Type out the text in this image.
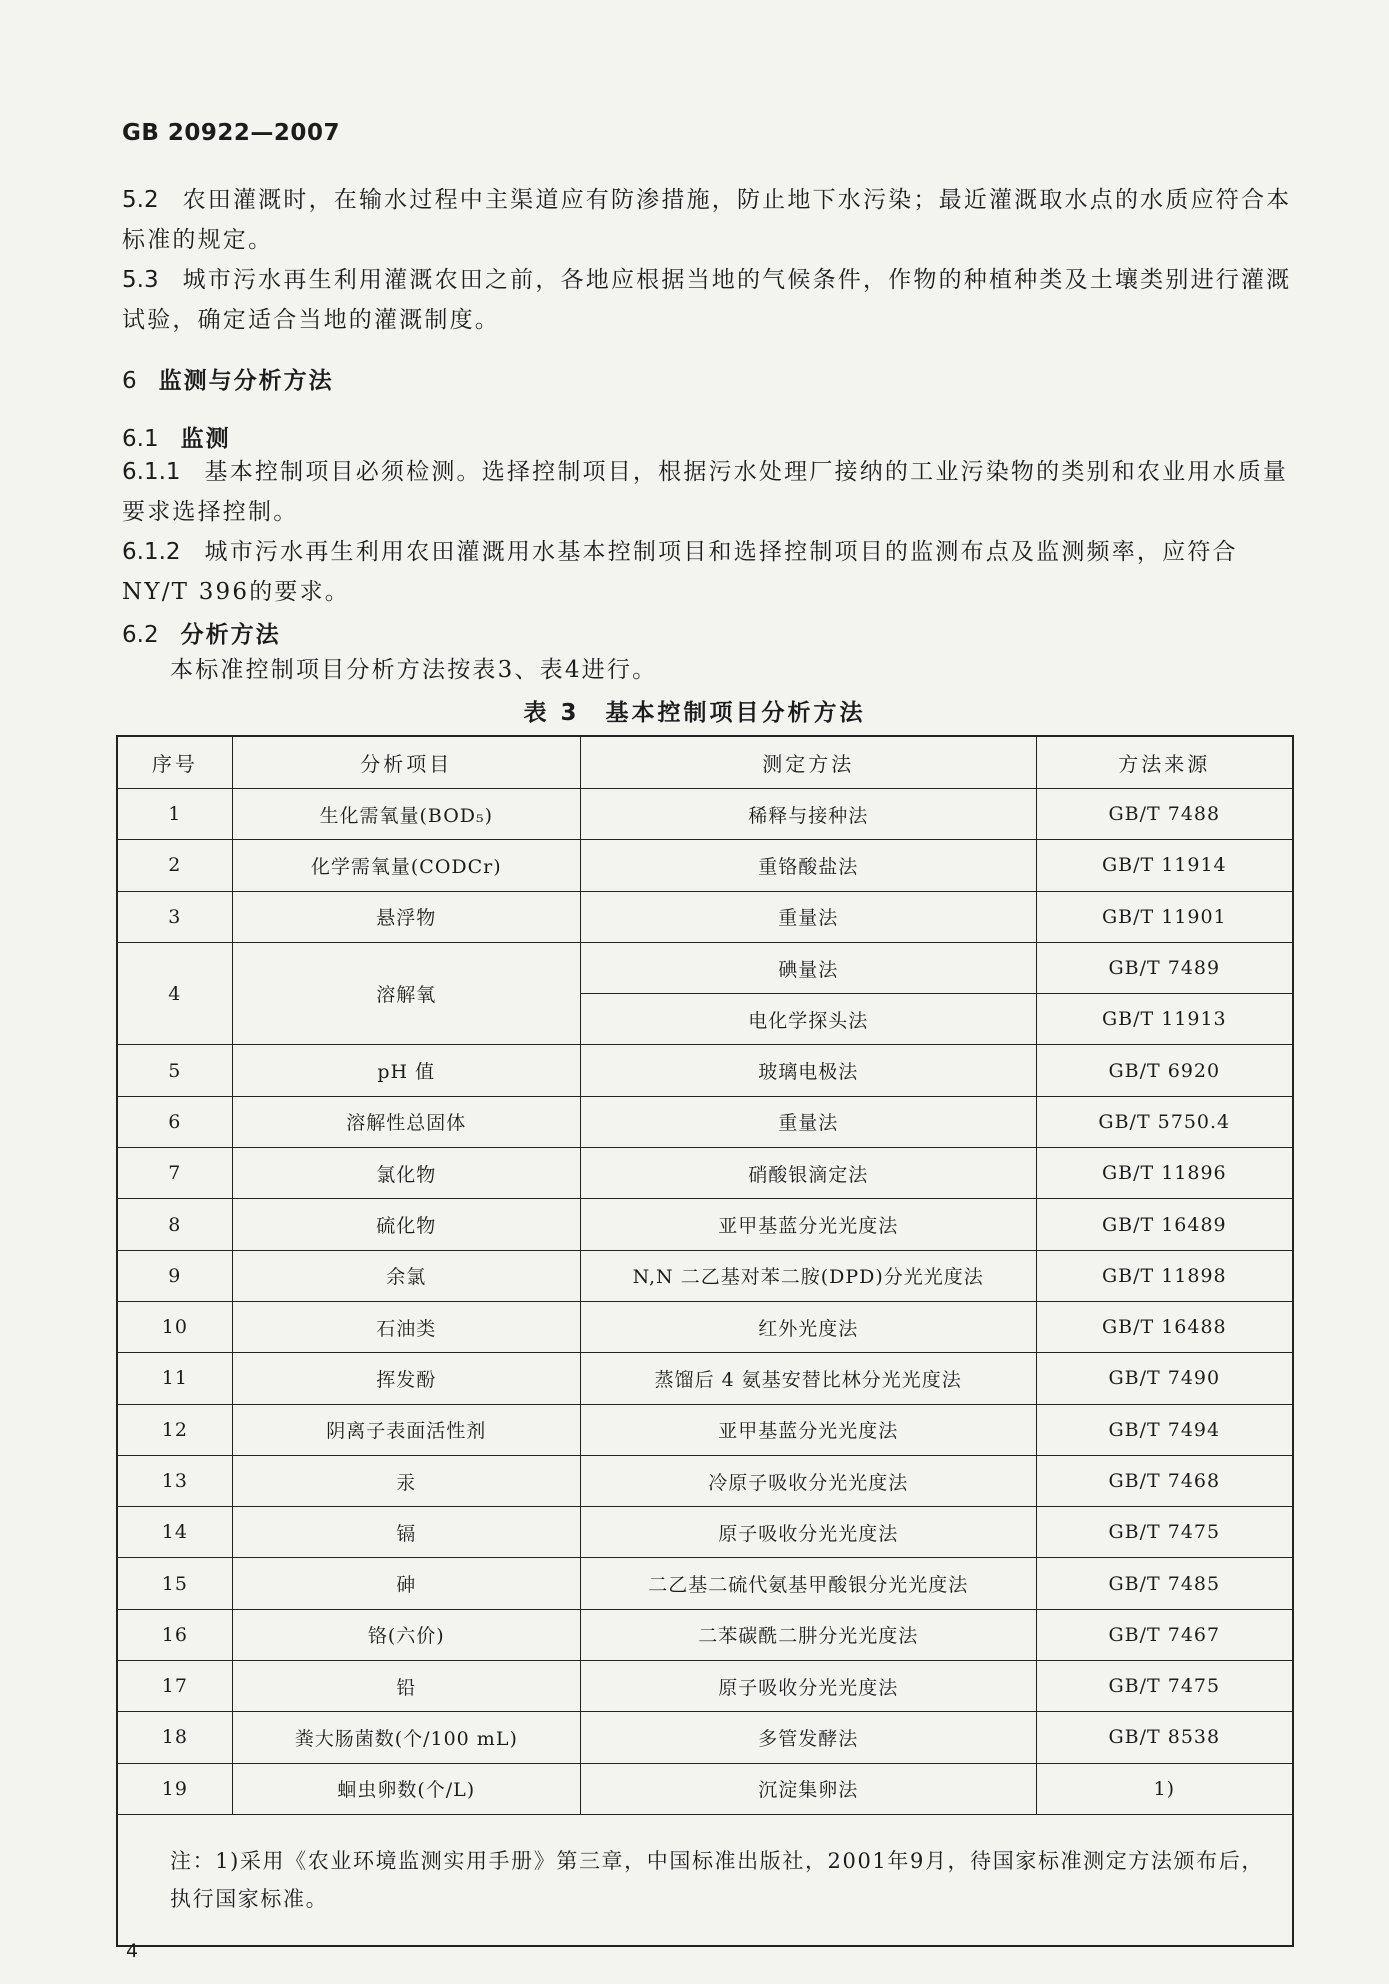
GB 20922—2007

5.2 农田灌溉时，在输水过程中主渠道应有防渗措施，防止地下水污染；最近灌溉取水点的水质应符合本标准的规定。

5.3 城市污水再生利用灌溉农田之前，各地应根据当地的气候条件，作物的种植种类及土壤类别进行灌溉试验，确定适合当地的灌溉制度。

6 监测与分析方法
6.1 监测

6.1.1 基本控制项目必须检测。选择控制项目，根据污水处理厂接纳的工业污染物的类别和农业用水质量要求选择控制。

6.1.2 城市污水再生利用农田灌溉用水基本控制项目和选择控制项目的监测布点及监测频率，应符合NY/T 396的要求。

6.2 分析方法

本标准控制项目分析方法按表3、表4进行。

表 3　基本控制项目分析方法
序号	分析项目	测定方法	方法来源
1	生化需氧量(BOD₅)	稀释与接种法	GB/T 7488
2	化学需氧量(CODCr)	重铬酸盐法	GB/T 11914
3	悬浮物	重量法	GB/T 11901
4	溶解氧	碘量法	GB/T 7489
		电化学探头法	GB/T 11913
5	pH 值	玻璃电极法	GB/T 6920
6	溶解性总固体	重量法	GB/T 5750.4
7	氯化物	硝酸银滴定法	GB/T 11896
8	硫化物	亚甲基蓝分光光度法	GB/T 16489
9	余氯	N,N 二乙基对苯二胺(DPD)分光光度法	GB/T 11898
10	石油类	红外光度法	GB/T 16488
11	挥发酚	蒸馏后 4 氨基安替比林分光光度法	GB/T 7490
12	阴离子表面活性剂	亚甲基蓝分光光度法	GB/T 7494
13	汞	冷原子吸收分光光度法	GB/T 7468
14	镉	原子吸收分光光度法	GB/T 7475
15	砷	二乙基二硫代氨基甲酸银分光光度法	GB/T 7485
16	铬(六价)	二苯碳酰二肼分光光度法	GB/T 7467
17	铅	原子吸收分光光度法	GB/T 7475
18	粪大肠菌数(个/100 mL)	多管发酵法	GB/T 8538
19	蛔虫卵数(个/L)	沉淀集卵法	1)
注：1)采用《农业环境监测实用手册》第三章，中国标准出版社，2001年9月，待国家标准测定方法颁布后，执行国家标准。			
4
